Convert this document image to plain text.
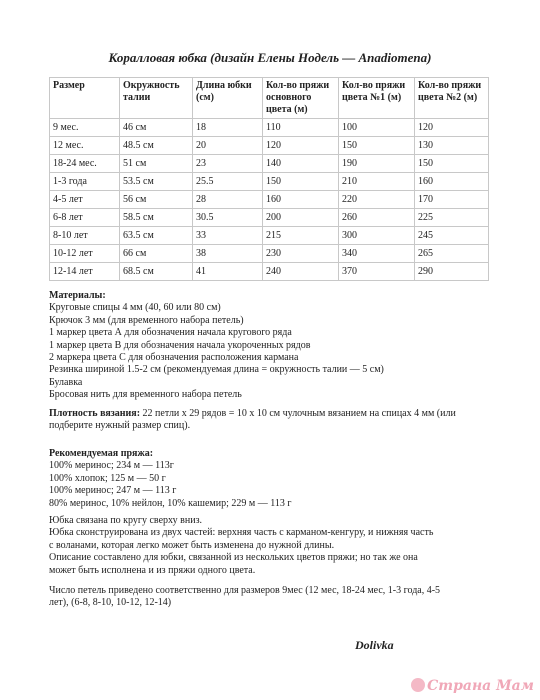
Коралловая юбка (дизайн Елены Нодель — Anadiomena)
Размер	Окружность талии	Длина юбки (см)	Кол-во пряжи основного цвета (м)	Кол-во пряжи цвета №1 (м)	Кол-во пряжи цвета №2 (м)
9 мес.	46 см	18	110	100	120
12 мес.	48.5 см	20	120	150	130
18-24 мес.	51 см	23	140	190	150
1-3 года	53.5 см	25.5	150	210	160
4-5 лет	56 см	28	160	220	170
6-8 лет	58.5 см	30.5	200	260	225
8-10 лет	63.5 см	33	215	300	245
10-12 лет	66 см	38	230	340	265
12-14 лет	68.5 см	41	240	370	290
Материалы:
Круговые спицы 4 мм (40, 60 или 80 см)
Крючок 3 мм (для временного набора петель)
1 маркер цвета А для обозначения начала кругового ряда
1 маркер цвета В для обозначения начала укороченных рядов
2 маркера цвета С для обозначения расположения кармана
Резинка шириной 1.5-2 см (рекомендуемая длина = окружность талии — 5 см)
Булавка
Бросовая нить для временного набора петель
Плотность вязания: 22 петли х 29 рядов = 10 х 10 см чулочным вязанием на спицах 4 мм (или подберите нужный размер спиц).
Рекомендуемая пряжа:
100% меринос; 234 м — 113г
100% хлопок; 125 м — 50 г
100% меринос; 247 м — 113 г
80% меринос, 10% нейлон, 10% кашемир; 229 м — 113 г
Юбка связана по кругу сверху вниз.
Юбка сконструирована из двух частей: верхняя часть с карманом-кенгуру, и нижняя часть
с воланами, которая легко может быть изменена до нужной длины.
Описание составлено для юбки, связанной из нескольких цветов пряжи; но так же она
может быть исполнена и из пряжи одного цвета.
Число петель приведено соответственно для размеров 9мес (12 мес, 18-24 мес, 1-3 года, 4-5
лет), (6-8, 8-10, 10-12, 12-14)
Dolivka
Страна Мам
